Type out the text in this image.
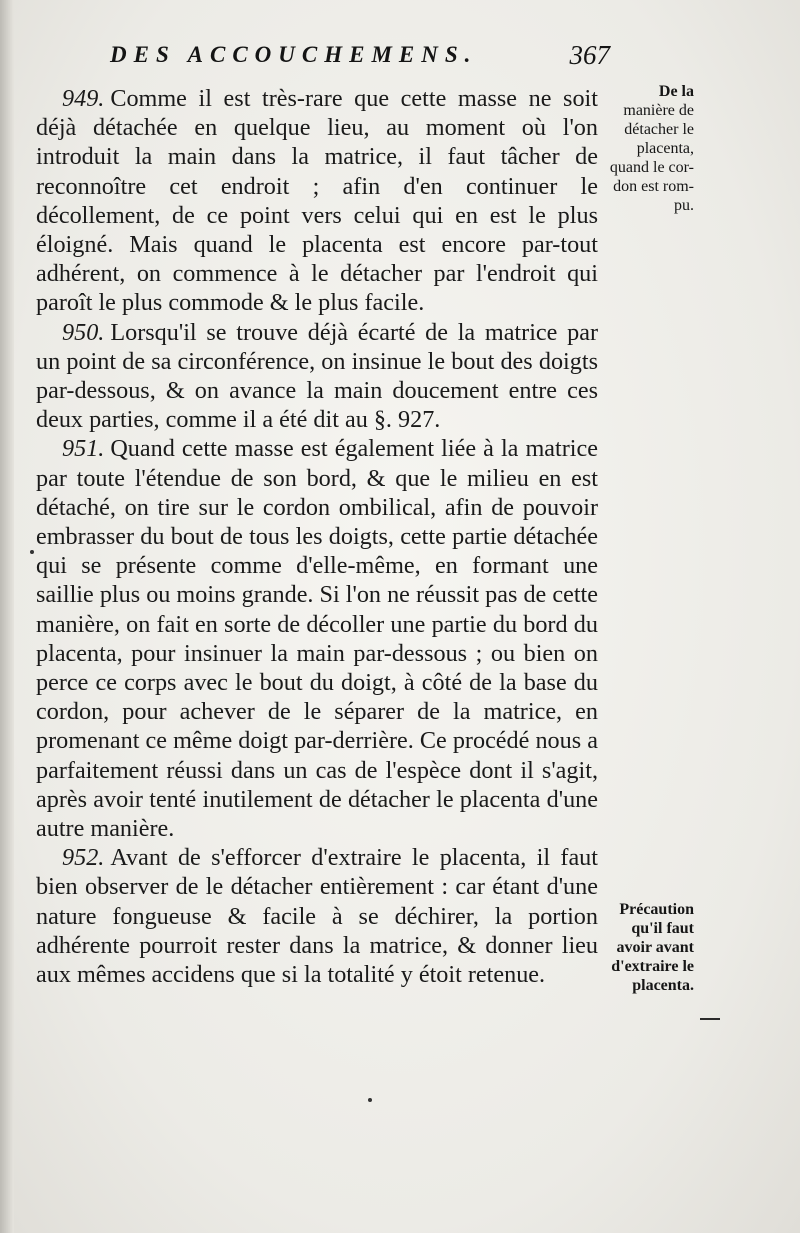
DES ACCOUCHEMENS.	367

949. Comme il est très-rare que cette masse ne soit déjà détachée en quelque lieu, au moment où l'on introduit la main dans la matrice, il faut tâcher de reconnoître cet endroit ; afin d'en continuer le décollement, de ce point vers celui qui en est le plus éloigné. Mais quand le placenta est encore par-tout adhérent, on commence à le détacher par l'endroit qui paroît le plus commode & le plus facile.

950. Lorsqu'il se trouve déjà écarté de la matrice par un point de sa circonférence, on insinue le bout des doigts par-dessous, & on avance la main doucement entre ces deux parties, comme il a été dit au §. 927.

951. Quand cette masse est également liée à la matrice par toute l'étendue de son bord, & que le milieu en est détaché, on tire sur le cordon ombilical, afin de pouvoir embrasser du bout de tous les doigts, cette partie détachée qui se présente comme d'elle-même, en formant une saillie plus ou moins grande. Si l'on ne réussit pas de cette manière, on fait en sorte de décoller une partie du bord du placenta, pour insinuer la main par-dessous ; ou bien on perce ce corps avec le bout du doigt, à côté de la base du cordon, pour achever de le séparer de la matrice, en promenant ce même doigt par-derrière. Ce procédé nous a parfaitement réussi dans un cas de l'espèce dont il s'agit, après avoir tenté inutilement de détacher le placenta d'une autre manière.

952. Avant de s'efforcer d'extraire le placenta, il faut bien observer de le détacher entièrement : car étant d'une nature fongueuse & facile à se déchirer, la portion adhérente pourroit rester dans la matrice, & donner lieu aux mêmes accidens que si la totalité y étoit retenue.

De la
manière de
détacher le
placenta,
quand le cor-
don est rom-
pu.
Précaution
qu'il faut
avoir avant
d'extraire le
placenta.
